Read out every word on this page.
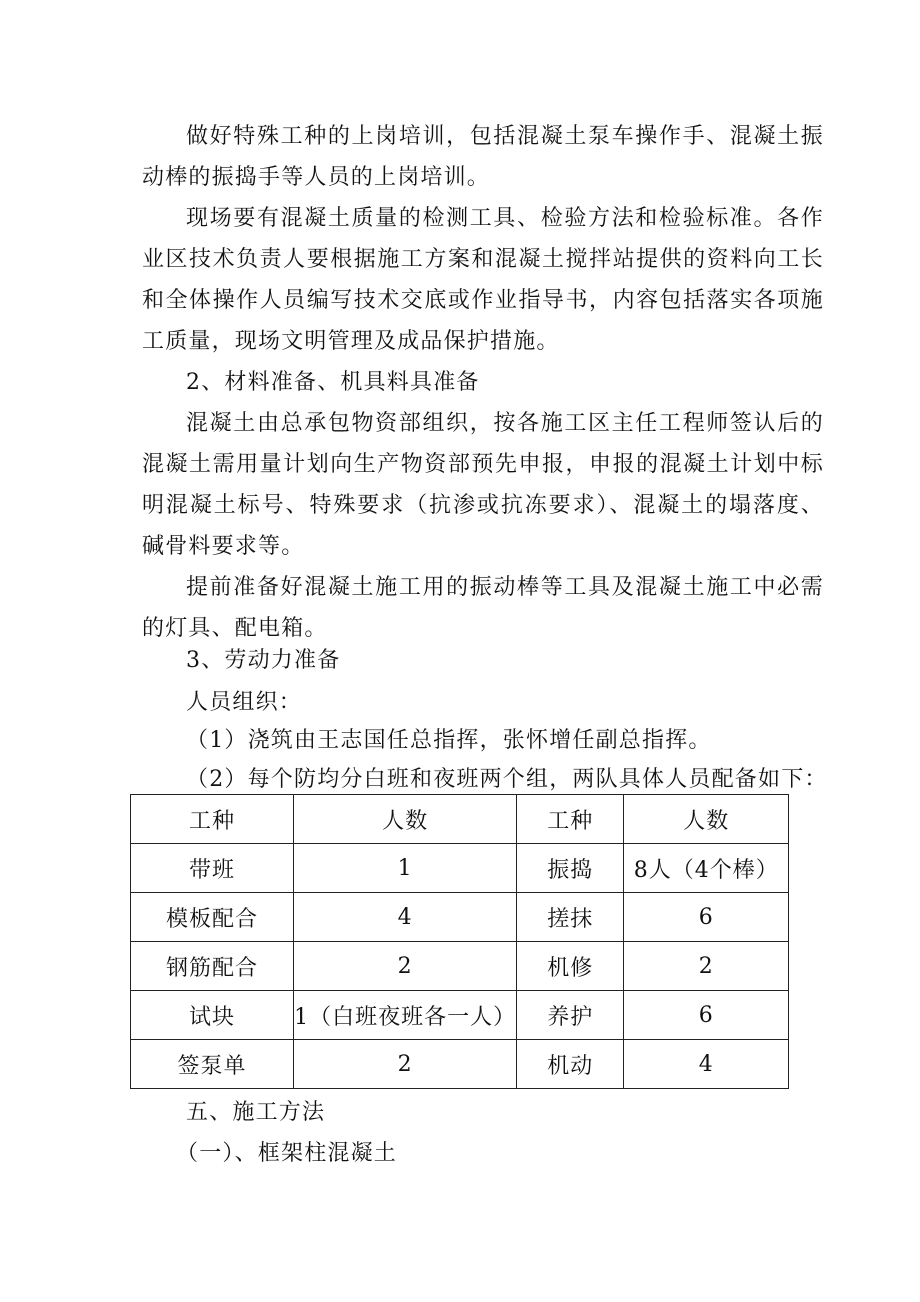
做好特殊工种的上岗培训，包括混凝土泵车操作手、混凝土振动棒的振捣手等人员的上岗培训。

现场要有混凝土质量的检测工具、检验方法和检验标准。各作业区技术负责人要根据施工方案和混凝土搅拌站提供的资料向工长和全体操作人员编写技术交底或作业指导书，内容包括落实各项施工质量，现场文明管理及成品保护措施。

2、材料准备、机具料具准备

混凝土由总承包物资部组织，按各施工区主任工程师签认后的混凝土需用量计划向生产物资部预先申报，申报的混凝土计划中标明混凝土标号、特殊要求（抗渗或抗冻要求）、混凝土的塌落度、碱骨料要求等。

提前准备好混凝土施工用的振动棒等工具及混凝土施工中必需的灯具、配电箱。

3、劳动力准备

人员组织：

（1）浇筑由王志国任总指挥，张怀增任副总指挥。

（2）每个防均分白班和夜班两个组，两队具体人员配备如下：

工种	人数	工种	人数
带班	1	振捣	8人（4个棒）
模板配合	4	搓抹	6
钢筋配合	2	机修	2
试块	1（白班夜班各一人）	养护	6
签泵单	2	机动	4

五、施工方法

（一）、框架柱混凝土
